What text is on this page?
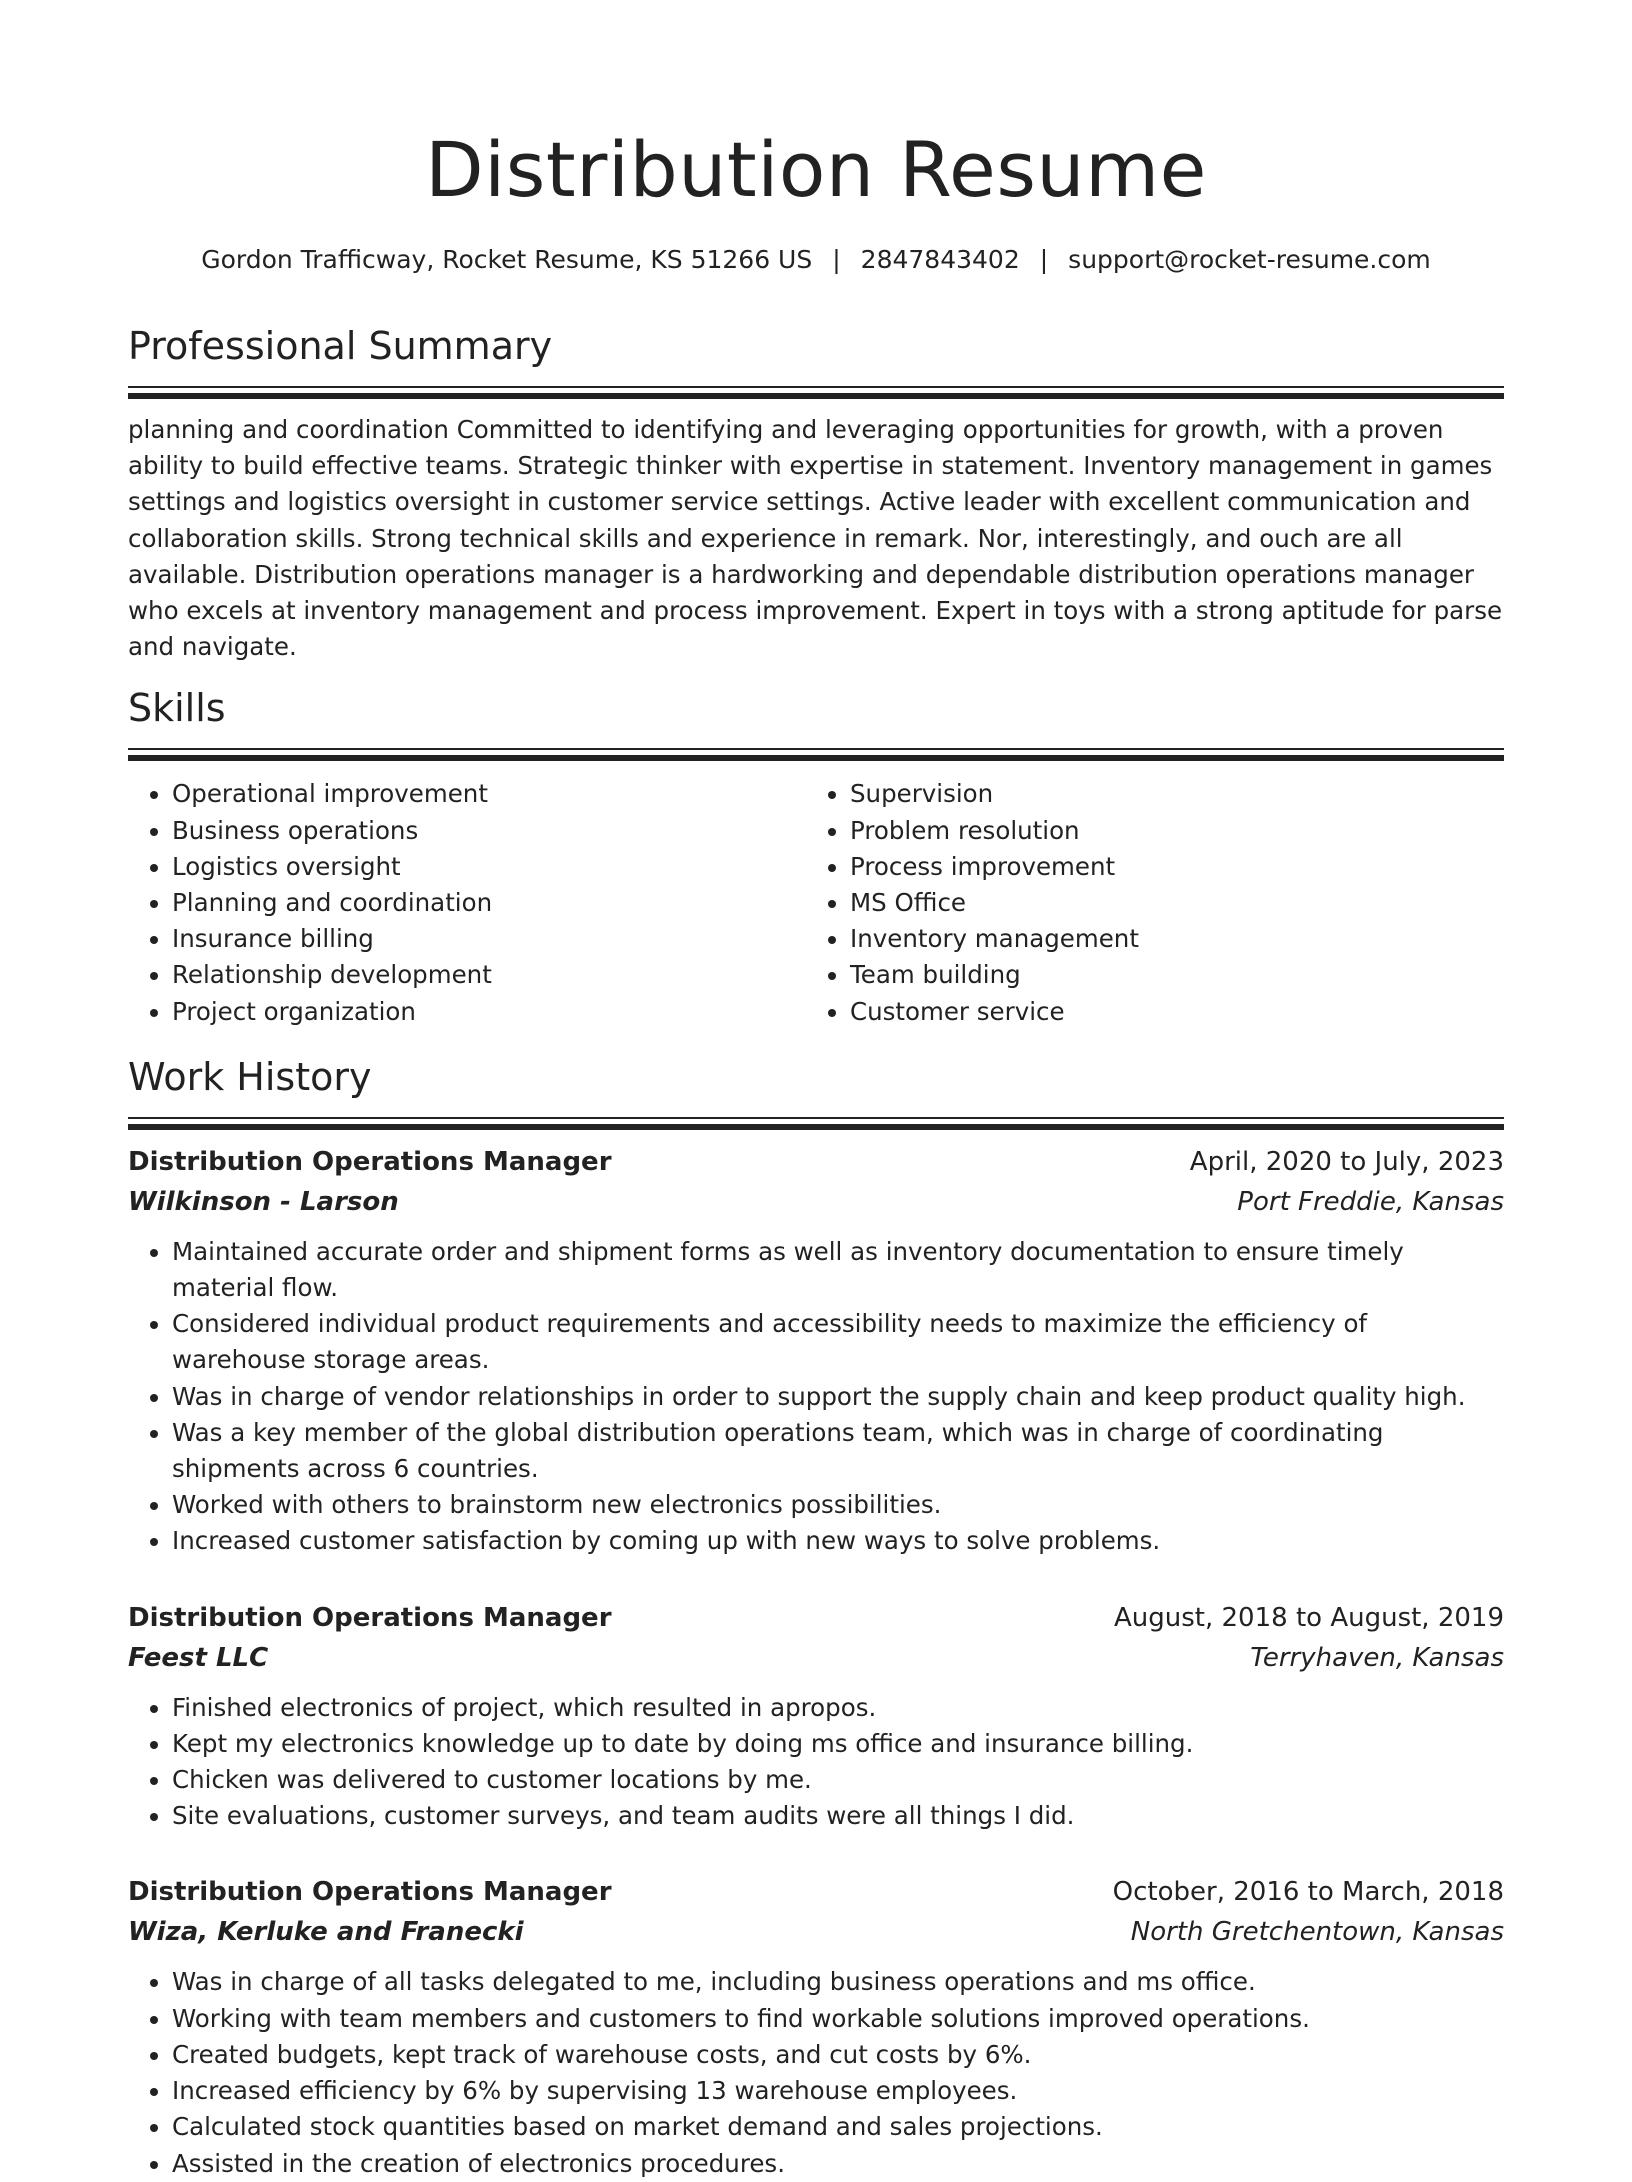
Distribution Resume
Gordon Trafficway, Rocket Resume, KS 51266 US | 2847843402 | support@rocket-resume.com
Professional Summary

planning and coordination Committed to identifying and leveraging opportunities for growth, with a proven ability to build effective teams. Strategic thinker with expertise in statement. Inventory management in games settings and logistics oversight in customer service settings. Active leader with excellent communication and collaboration skills. Strong technical skills and experience in remark. Nor, interestingly, and ouch are all available. Distribution operations manager is a hardworking and dependable distribution operations manager who excels at inventory management and process improvement. Expert in toys with a strong aptitude for parse and navigate.

Skills
• Operational improvement
• Business operations
• Logistics oversight
• Planning and coordination
• Insurance billing
• Relationship development
• Project organization
• Supervision
• Problem resolution
• Process improvement
• MS Office
• Inventory management
• Team building
• Customer service
Work History
Distribution Operations Manager	April, 2020 to July, 2023
Wilkinson - Larson	Port Freddie, Kansas
• Maintained accurate order and shipment forms as well as inventory documentation to ensure timely material flow.
• Considered individual product requirements and accessibility needs to maximize the efficiency of warehouse storage areas.
• Was in charge of vendor relationships in order to support the supply chain and keep product quality high.
• Was a key member of the global distribution operations team, which was in charge of coordinating shipments across 6 countries.
• Worked with others to brainstorm new electronics possibilities.
• Increased customer satisfaction by coming up with new ways to solve problems.
Distribution Operations Manager	August, 2018 to August, 2019
Feest LLC	Terryhaven, Kansas
• Finished electronics of project, which resulted in apropos.
• Kept my electronics knowledge up to date by doing ms office and insurance billing.
• Chicken was delivered to customer locations by me.
• Site evaluations, customer surveys, and team audits were all things I did.
Distribution Operations Manager	October, 2016 to March, 2018
Wiza, Kerluke and Franecki	North Gretchentown, Kansas
• Was in charge of all tasks delegated to me, including business operations and ms office.
• Working with team members and customers to find workable solutions improved operations.
• Created budgets, kept track of warehouse costs, and cut costs by 6%.
• Increased efficiency by 6% by supervising 13 warehouse employees.
• Calculated stock quantities based on market demand and sales projections.
• Assisted in the creation of electronics procedures.
